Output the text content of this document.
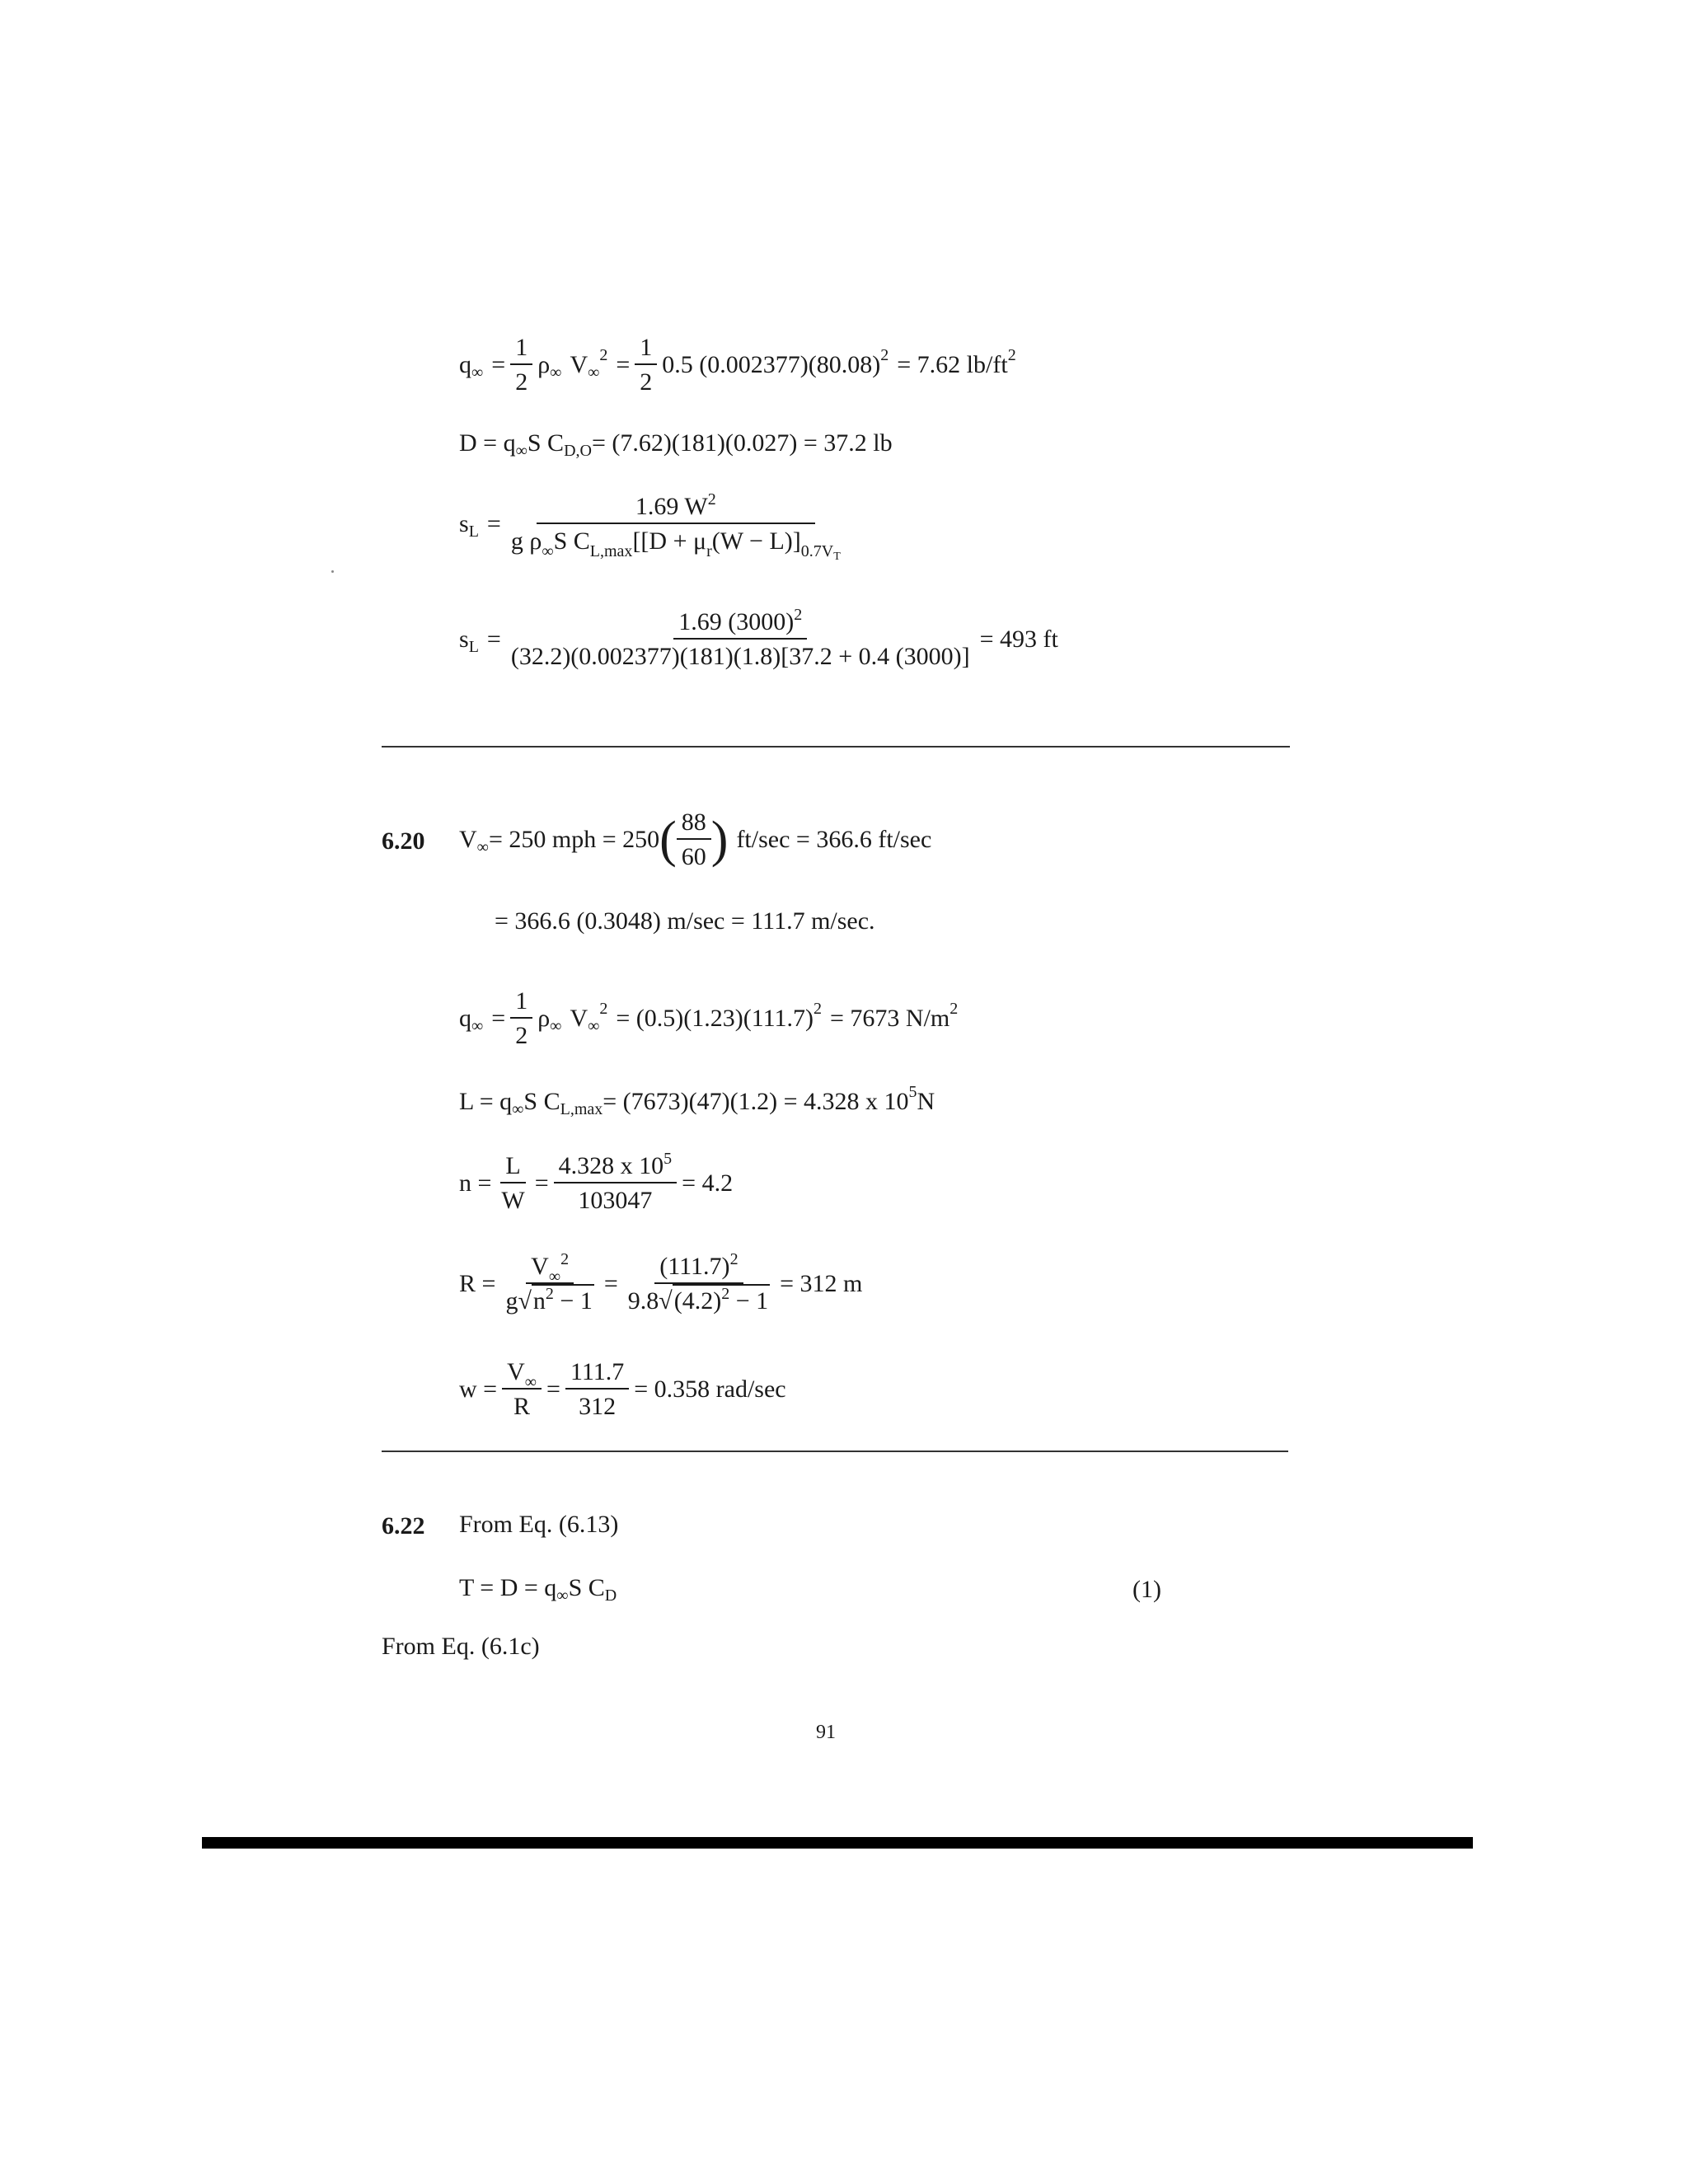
q ∞ = $\frac{1}{2}$ ρ ∞ V ∞
$2 = \frac{1}{2} 0.5$ (0.002377)(80.08) 2 = 7.62 lb/ft 2
D = q ∞ S C D,O = (7.62)(181)(0.027) = 37.2 lb
s $L = \frac{1.69 W^2}{g \rho_\infty S C_{L,max}[[D + \mu_r(W - L)]_{0.7VT}}$
s $L = \frac{1.69 (3000)^2}{(32.2)(0.002377)(181)(1.8)[37.2 + 0.4 (3000)]} = 493$ ft
6.20 V ∞ = 250 mph = 250 ( $\frac{88}{60}$ ) ft/sec = 366.6 ft/sec
= 366.6 (0.3048) m/sec = 111.7 m/sec.
q ∞ = $\frac{1}{2}$ ρ ∞ V ∞
2 = (0.5)(1.23)(111.7) 2 = 7673 N/m 2
L = q ∞ S C L,max = (7673)(47)(1.2) = 4.328 x 10 5 N
$n = \frac{L}{W} = \frac{4.328 x 10^5}{103047} = 4.2$
$R = \frac{V_\infty^2}{g√n^2 - 1} = \frac{(111.7)^2}{9.8√(4.2)^2 - 1} = 312$ m
$w = \frac{V_\infty}{R} = \frac{111.7}{312} = 0.358$ rad/sec
6.22 From Eq. (6.13)
T = D = q ∞ S C D	(1)
From Eq. (6.1c)
91
